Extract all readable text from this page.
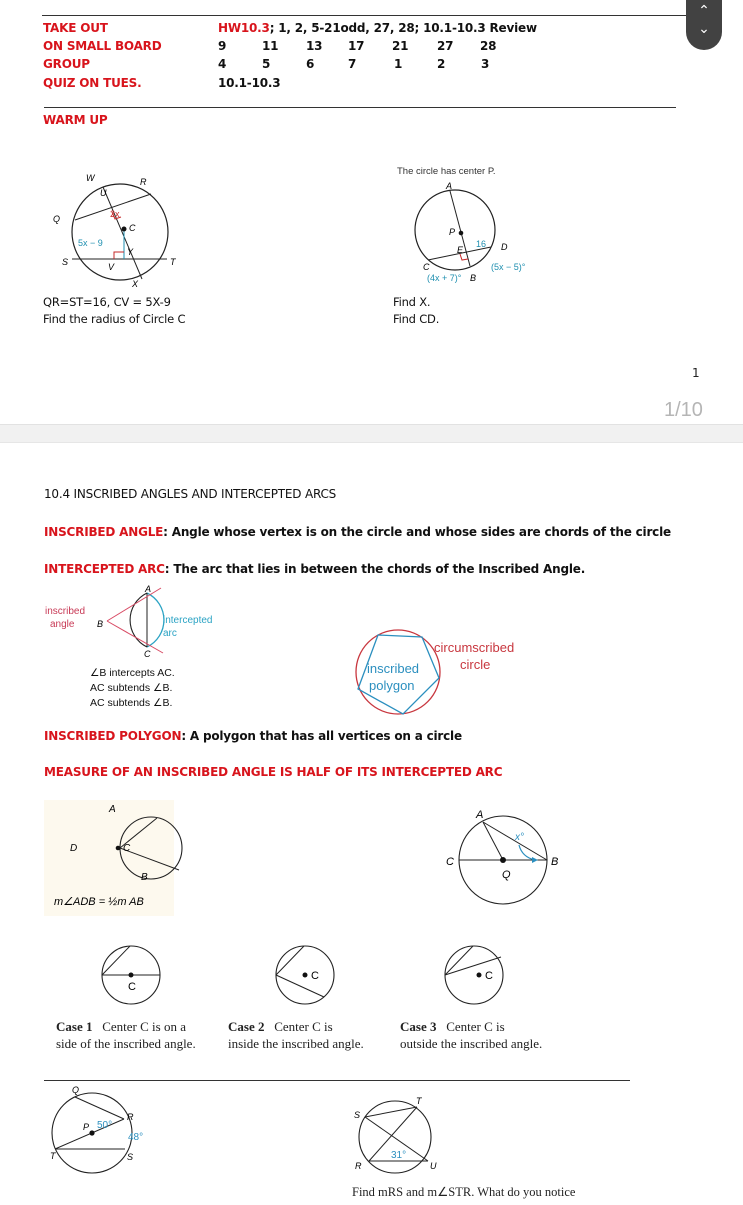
⌃
⌄
TAKE OUT	HW10.3; 1, 2, 5-21odd, 27, 28; 10.1-10.3 Review
ON SMALL BOARD	9	11 13 17 21 27 28
GROUP	4	5	6	7	1	2	3
QUIZ ON TUES.	10.1-10.3
WARM UP
W	R
U
Q
C
S	V
Y
T
X
2x
5x − 9
QR=ST=16, CV = 5X-9
Find the radius of Circle C
The circle has center P.
A
P
E	D
C
B
16
(5x − 5)°
(4x + 7)°
Find X.
Find CD.
1
1/10
10.4 INSCRIBED ANGLES AND INTERCEPTED ARCS
INSCRIBED ANGLE: Angle whose vertex is on the circle and whose sides are chords of the circle
INTERCEPTED ARC: The arc that lies in between the chords of the Inscribed Angle.
inscribed
angle	B
A
C
intercepted
arc
∠B intercepts AC.
AC subtends ∠B.
AC subtends ∠B.
inscribed
polygon
circumscribed
circle
INSCRIBED POLYGON: A polygon that has all vertices on a circle
MEASURE OF AN INSCRIBED ANGLE IS HALF OF ITS INTERCEPTED ARC
A
D
B
m∠ADB = ½m AB
C
A
C	B
Q
x°
C
C	C
Case 1 Center C is on a
side of the inscribed angle.
Case 2 Center C is
inside the inscribed angle.
Case 3 Center C is
outside the inscribed angle.
Q
P
R
T	S
50°
48°
S
T
R	U
31°
Find mRS and m∠STR. What do you notice
